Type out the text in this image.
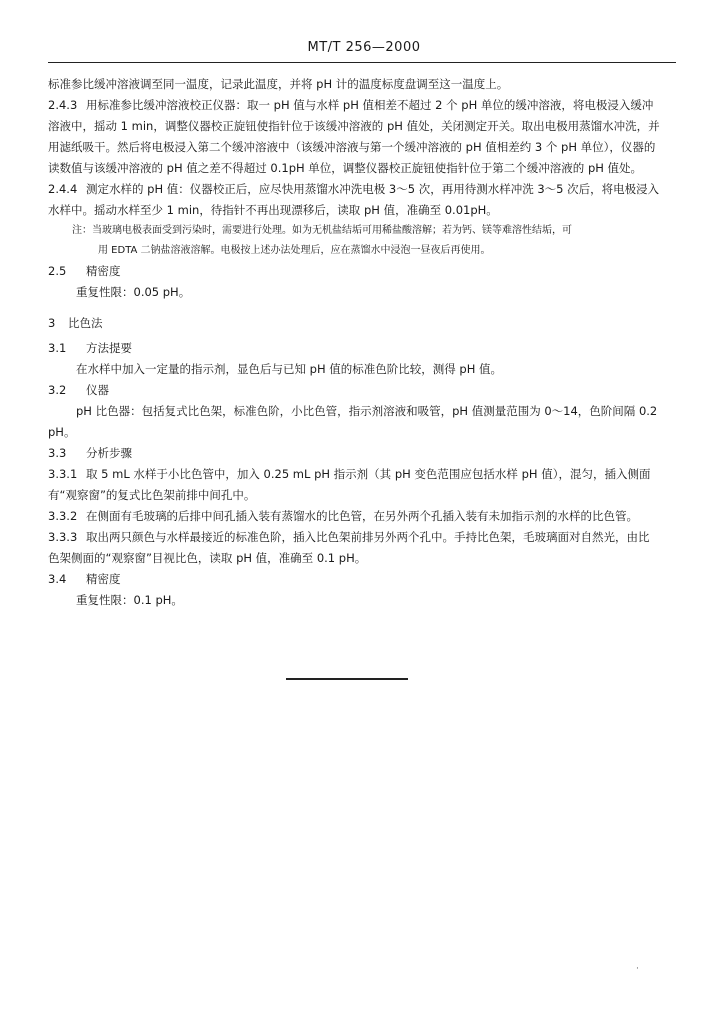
MT/T 256—2000

标准参比缓冲溶液调至同一温度，记录此温度，并将 pH 计的温度标度盘调至这一温度上。

2.4.3 用标准参比缓冲溶液校正仪器：取一 pH 值与水样 pH 值相差不超过 2 个 pH 单位的缓冲溶液，将电极浸入缓冲溶液中，摇动 1 min，调整仪器校正旋钮使指针位于该缓冲溶液的 pH 值处，关闭测定开关。取出电极用蒸馏水冲洗，并用滤纸吸干。然后将电极浸入第二个缓冲溶液中（该缓冲溶液与第一个缓冲溶液的 pH 值相差约 3 个 pH 单位），仪器的读数值与该缓冲溶液的 pH 值之差不得超过 0.1pH 单位，调整仪器校正旋钮使指针位于第二个缓冲溶液的 pH 值处。

2.4.4 测定水样的 pH 值：仪器校正后，应尽快用蒸馏水冲洗电极 3～5 次，再用待测水样冲洗 3～5 次后，将电极浸入水样中。摇动水样至少 1 min，待指针不再出现漂移后，读取 pH 值，准确至 0.01pH。

注：当玻璃电极表面受到污染时，需要进行处理。如为无机盐结垢可用稀盐酸溶解；若为钙、镁等难溶性结垢，可

用 EDTA 二钠盐溶液溶解。电极按上述办法处理后，应在蒸馏水中浸泡一昼夜后再使用。

2.5 精密度

重复性限：0.05 pH。

3 比色法

3.1 方法提要

在水样中加入一定量的指示剂，显色后与已知 pH 值的标准色阶比较，测得 pH 值。

3.2 仪器

pH 比色器：包括复式比色架，标准色阶，小比色管，指示剂溶液和吸管，pH 值测量范围为 0～14，色阶间隔 0.2 pH。

3.3 分析步骤

3.3.1 取 5 mL 水样于小比色管中，加入 0.25 mL pH 指示剂（其 pH 变色范围应包括水样 pH 值），混匀，插入侧面有“观察窗”的复式比色架前排中间孔中。

3.3.2 在侧面有毛玻璃的后排中间孔插入装有蒸馏水的比色管，在另外两个孔插入装有未加指示剂的水样的比色管。

3.3.3 取出两只颜色与水样最接近的标准色阶，插入比色架前排另外两个孔中。手持比色架，毛玻璃面对自然光，由比色架侧面的“观察窗”目视比色，读取 pH 值，准确至 0.1 pH。

3.4 精密度

重复性限：0.1 pH。

·
